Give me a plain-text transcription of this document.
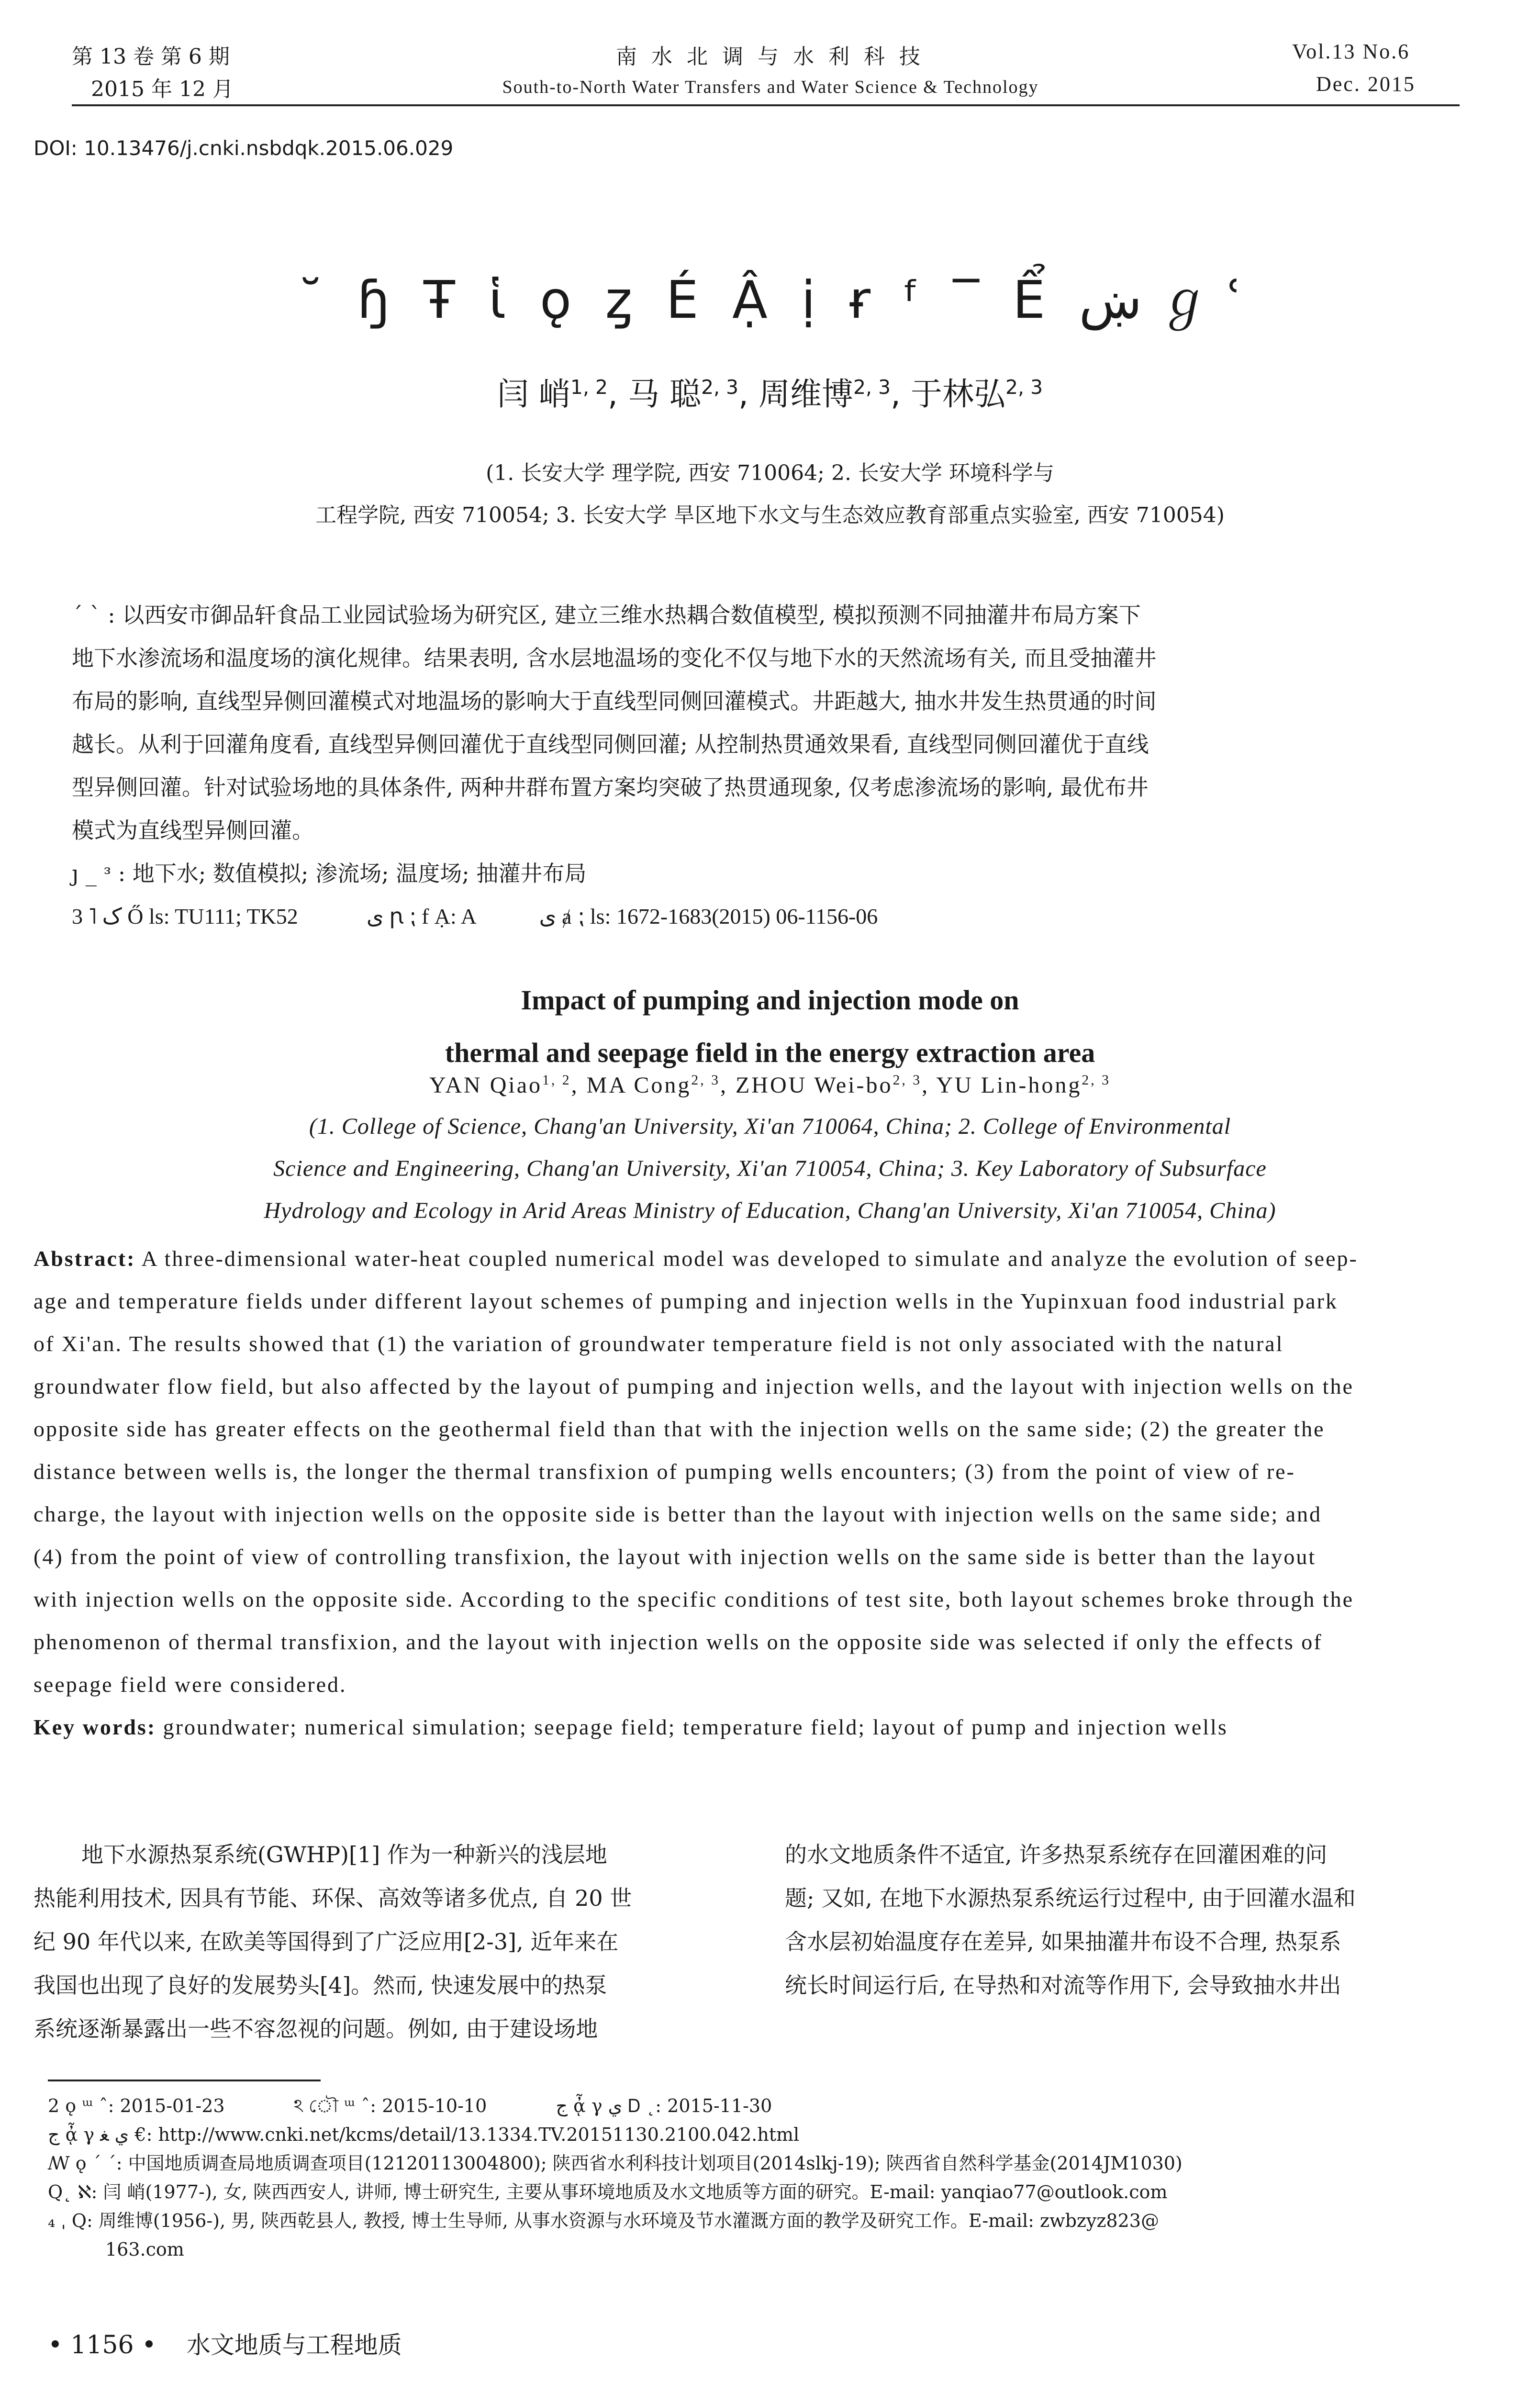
第 13 卷 第 6 期
2015 年 12 月
南 水 北 调 与 水 利 科 技
South-to-North Water Transfers and Water Science & Technology
Vol.13 No.6
Dec. 2015
DOI: 10.13476/j.cnki.nsbdqk.2015.06.029
˘ ɧ Ŧ ἱ ǫ ȥ É Ậ ị ɍ ᶠ ‾ Ể ښ ℊ ʿ
闫 峭$^{1, 2}$, 马 聪$^{2, 3}$, 周维博$^{2, 3}$, 于林弘$^{2, 3}$
(1. 长安大学 理学院, 西安 710064; 2. 长安大学 环境科学与
工程学院, 西安 710054; 3. 长安大学 旱区地下水文与生态效应教育部重点实验室, 西安 710054)
ˊ ˋ : 以西安市御品轩食品工业园试验场为研究区, 建立三维水热耦合数值模型, 模拟预测不同抽灌井布局方案下
地下水渗流场和温度场的演化规律。结果表明, 含水层地温场的变化不仅与地下水的天然流场有关, 而且受抽灌井
布局的影响, 直线型异侧回灌模式对地温场的影响大于直线型同侧回灌模式。井距越大, 抽水井发生热贯通的时间
越长。从利于回灌角度看, 直线型异侧回灌优于直线型同侧回灌; 从控制热贯通效果看, 直线型同侧回灌优于直线
型异侧回灌。针对试验场地的具体条件, 两种井群布置方案均突破了热贯通现象, 仅考虑渗流场的影响, 最优布井
模式为直线型异侧回灌。
ȷ _ ᵌ : 地下水; 数值模拟; 渗流场; 温度场; 抽灌井布局
3 ˥ ک Ő ls: TU111; TK52	ى ꞃ ⁏ f Ạ: A	ى ⱥ ⁏ ls: 1672-1683(2015) 06-1156-06
Impact of pumping and injection mode on
thermal and seepage field in the energy extraction area
YAN Qiao$^{1, 2}$, MA Cong$^{2, 3}$, ZHOU Wei-bo$^{2, 3}$, YU Lin-hong$^{2, 3}$
(1. College of Science, Chang'an University, Xi'an 710064, China; 2. College of Environmental
Science and Engineering, Chang'an University, Xi'an 710054, China; 3. Key Laboratory of Subsurface
Hydrology and Ecology in Arid Areas Ministry of Education, Chang'an University, Xi'an 710054, China)
Abstract: A three-dimensional water-heat coupled numerical model was developed to simulate and analyze the evolution of seep-
age and temperature fields under different layout schemes of pumping and injection wells in the Yupinxuan food industrial park
of Xi'an. The results showed that (1) the variation of groundwater temperature field is not only associated with the natural
groundwater flow field, but also affected by the layout of pumping and injection wells, and the layout with injection wells on the
opposite side has greater effects on the geothermal field than that with the injection wells on the same side; (2) the greater the
distance between wells is, the longer the thermal transfixion of pumping wells encounters; (3) from the point of view of re-
charge, the layout with injection wells on the opposite side is better than the layout with injection wells on the same side; and
(4) from the point of view of controlling transfixion, the layout with injection wells on the same side is better than the layout
with injection wells on the opposite side. According to the specific conditions of test site, both layout schemes broke through the
phenomenon of thermal transfixion, and the layout with injection wells on the opposite side was selected if only the effects of
seepage field were considered.
Key words: groundwater; numerical simulation; seepage field; temperature field; layout of pump and injection wells
地下水源热泵系统(GWHP)[1] 作为一种新兴的浅层地
热能利用技术, 因具有节能、环保、高效等诸多优点, 自 20 世
纪 90 年代以来, 在欧美等国得到了广泛应用[2-3], 近年来在
我国也出现了良好的发展势头[4]。然而, 快速发展中的热泵
系统逐渐暴露出一些不容忽视的问题。例如, 由于建设场地
的水文地质条件不适宜, 许多热泵系统存在回灌困难的问
题; 又如, 在地下水源热泵系统运行过程中, 由于回灌水温和
含水层初始温度存在差异, 如果抽灌井布设不合理, 热泵系
统长时间运行后, 在导热和对流等作用下, 会导致抽水井出
2 ǫ ᵚ ˆ: 2015-01-23	ঽ ৌ ᵚ ˆ: 2015-10-10	ج ᾆ γ ي Ꭰ ˛: 2015-11-30
ج ᾆ γ ي ﻐ €: http://www.cnki.net/kcms/detail/13.1334.TV.20151130.2100.042.html
ꟿ ǫ ˊ ˊ: 中国地质调查局地质调查项目(12120113004800); 陕西省水利科技计划项目(2014slkj-19); 陕西省自然科学基金(2014JM1030)
Q˛ ℵ: 闫 峭(1977-), 女, 陕西西安人, 讲师, 博士研究生, 主要从事环境地质及水文地质等方面的研究。E-mail: yanqiao77@outlook.com
₄ ˌ Q: 周维博(1956-), 男, 陕西乾县人, 教授, 博士生导师, 从事水资源与水环境及节水灌溉方面的教学及研究工作。E-mail: zwbzyz823@
163.com
• 1156 • 水文地质与工程地质
